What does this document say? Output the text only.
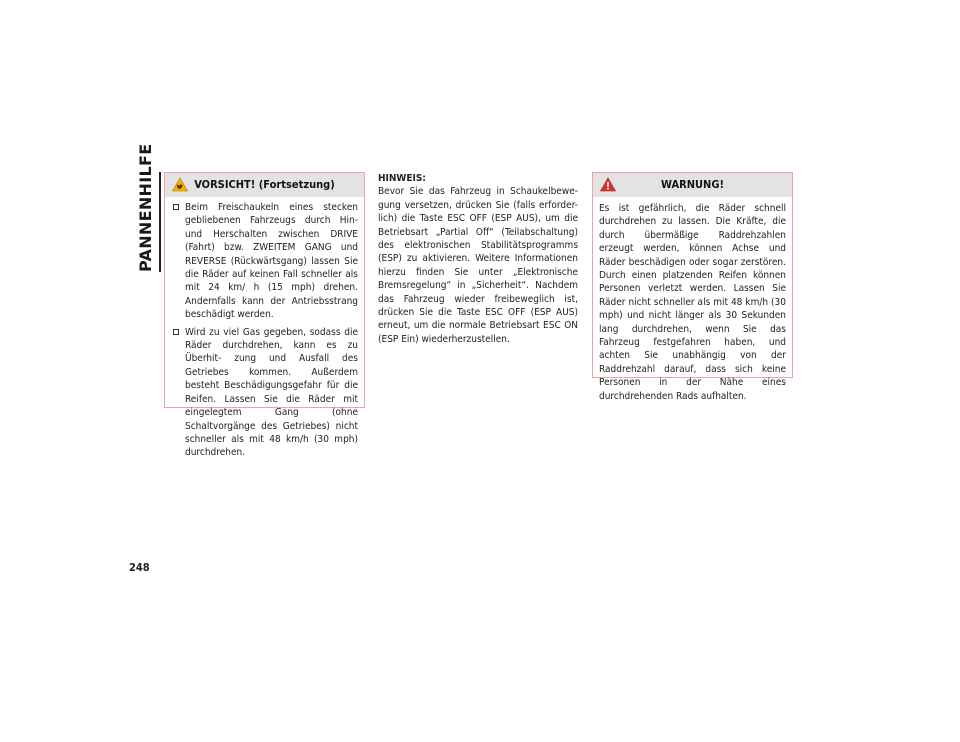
PANNENHILFE	VORSICHT! (Fortsetzung)
Beim Freischaukeln eines stecken gebliebenen Fahrzeugs durch Hin- und Herschalten zwischen DRIVE (Fahrt) bzw. ZWEITEM GANG und REVERSE (Rückwärtsgang) lassen Sie die Räder auf keinen Fall schneller als mit 24 km/ h (15 mph) drehen. Andernfalls kann der Antriebsstrang beschädigt werden.
Wird zu viel Gas gegeben, sodass die Räder durchdrehen, kann es zu Überhit- zung und Ausfall des Getriebes kommen. Außerdem besteht Beschädigungsgefahr für die Reifen. Lassen Sie die Räder mit eingelegtem Gang (ohne Schaltvorgänge des Getriebes) nicht schneller als mit 48 km/h (30 mph) durchdrehen.
HINWEIS:
Bevor Sie das Fahrzeug in Schaukelbewe- gung versetzen, drücken Sie (falls erforder- lich) die Taste ESC OFF (ESP AUS), um die Betriebsart „Partial Off“ (Teilabschaltung) des elektronischen Stabilitätsprogramms (ESP) zu aktivieren. Weitere Informationen hierzu finden Sie unter „Elektronische Bremsregelung“ in „Sicherheit“. Nachdem das Fahrzeug wieder freibeweglich ist, drücken Sie die Taste ESC OFF (ESP AUS) erneut, um die normale Betriebsart ESC ON (ESP Ein) wiederherzustellen.
WARNUNG!
Es ist gefährlich, die Räder schnell durchdrehen zu lassen. Die Kräfte, die durch übermäßige Raddrehzahlen erzeugt werden, können Achse und Räder beschädigen oder sogar zerstören. Durch einen platzenden Reifen können Personen verletzt werden. Lassen Sie Räder nicht schneller als mit 48 km/h (30 mph) und nicht länger als 30 Sekunden lang durchdrehen, wenn Sie das Fahrzeug festgefahren haben, und achten Sie unabhängig von der Raddrehzahl darauf, dass sich keine Personen in der Nähe eines durchdrehenden Rads aufhalten.
248
